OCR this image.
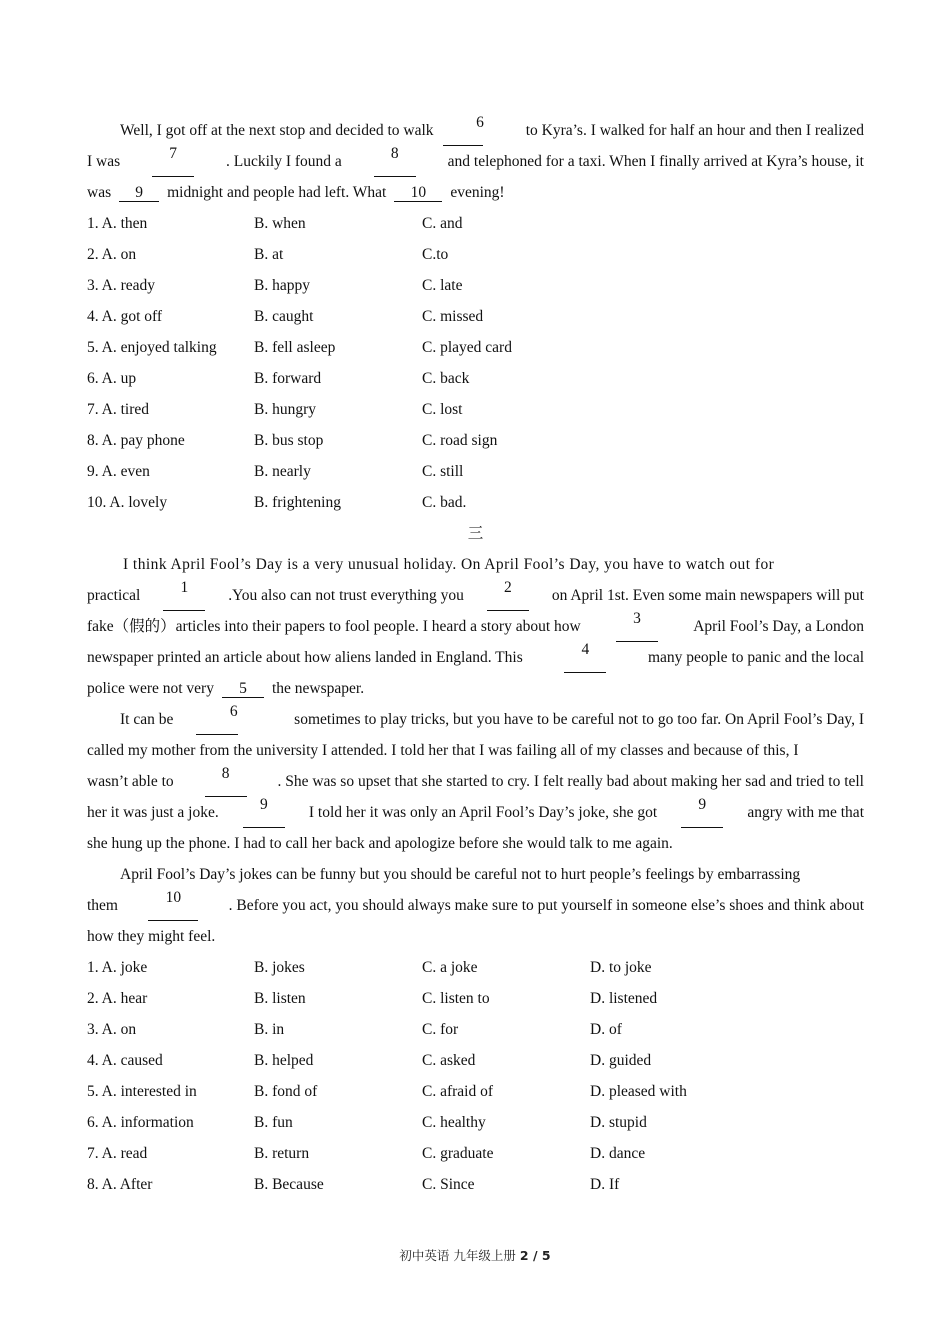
Well, I got off at the next stop and decided to walk	6	to Kyra’s. I walked for half an hour and then I realized
I was	7	. Luckily I found a	8	and telephoned for a taxi. When I finally arrived at Kyra’s house, it
was 9 midnight and people had left. What 10 evening!
1. A. then	B. when	C. and
2. A. on	B. at	C.to
3. A. ready	B. happy	C. late
4. A. got off	B. caught	C. missed
5. A. enjoyed talking	B. fell asleep	C. played card
6. A. up	B. forward	C. back
7. A. tired	B. hungry	C. lost
8. A. pay phone	B. bus stop	C. road sign
9. A. even	B. nearly	C. still
10. A. lovely	B. frightening	C. bad.
三
I think April Fool’s Day is a very unusual holiday. On April Fool’s Day, you have to watch out for
practical	1	.You also can not trust everything you	2	on April 1st. Even some main newspapers will put
fake（假的）articles into their papers to fool people. I heard a story about how	3	April Fool’s Day, a London
newspaper printed an article about how aliens landed in England. This	4	many people to panic and the local
police were not very 5 the newspaper.
It can be	6	sometimes to play tricks, but you have to be careful not to go too far. On April Fool’s Day, I
called my mother from the university I attended. I told her that I was failing all of my classes and because of this, I
wasn’t able to	8	. She was so upset that she started to cry. I felt really bad about making her sad and tried to tell
her it was just a joke.	9	I told her it was only an April Fool’s Day’s joke, she got	9	angry with me that
she hung up the phone. I had to call her back and apologize before she would talk to me again.
April Fool’s Day’s jokes can be funny but you should be careful not to hurt people’s feelings by embarrassing
them	10	. Before you act, you should always make sure to put yourself in someone else’s shoes and think about
how they might feel.
1. A. joke	B. jokes	C. a joke	D. to joke
2. A. hear	B. listen	C. listen to	D. listened
3. A. on	B. in	C. for	D. of
4. A. caused	B. helped	C. asked	D. guided
5. A. interested in	B. fond of	C. afraid of	D. pleased with
6. A. information	B. fun	C. healthy	D. stupid
7. A. read	B. return	C. graduate	D. dance
8. A. After	B. Because	C. Since	D. If
初中英语 九年级上册 2 / 5
